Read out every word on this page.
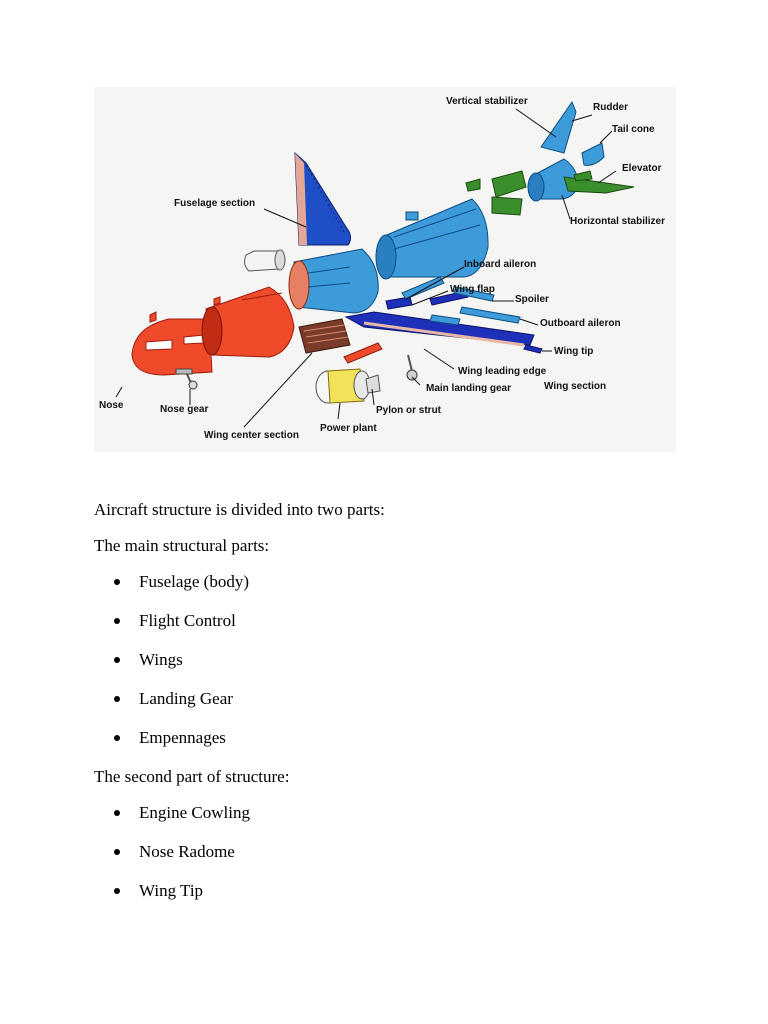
Vertical stabilizer
Rudder
Tail cone
Elevator
Horizontal stabilizer
Fuselage section
Inboard aileron
Wing flap
Spoiler
Outboard aileron
Wing tip
Wing leading edge
Wing section
Main landing gear
Pylon or strut
Power plant
Wing center section
Nose gear
Nose

Aircraft structure is divided into two parts:

The main structural parts:

Fuselage (body)
Flight Control
Wings
Landing Gear
Empennages

The second part of structure:

Engine Cowling
Nose Radome
Wing Tip
